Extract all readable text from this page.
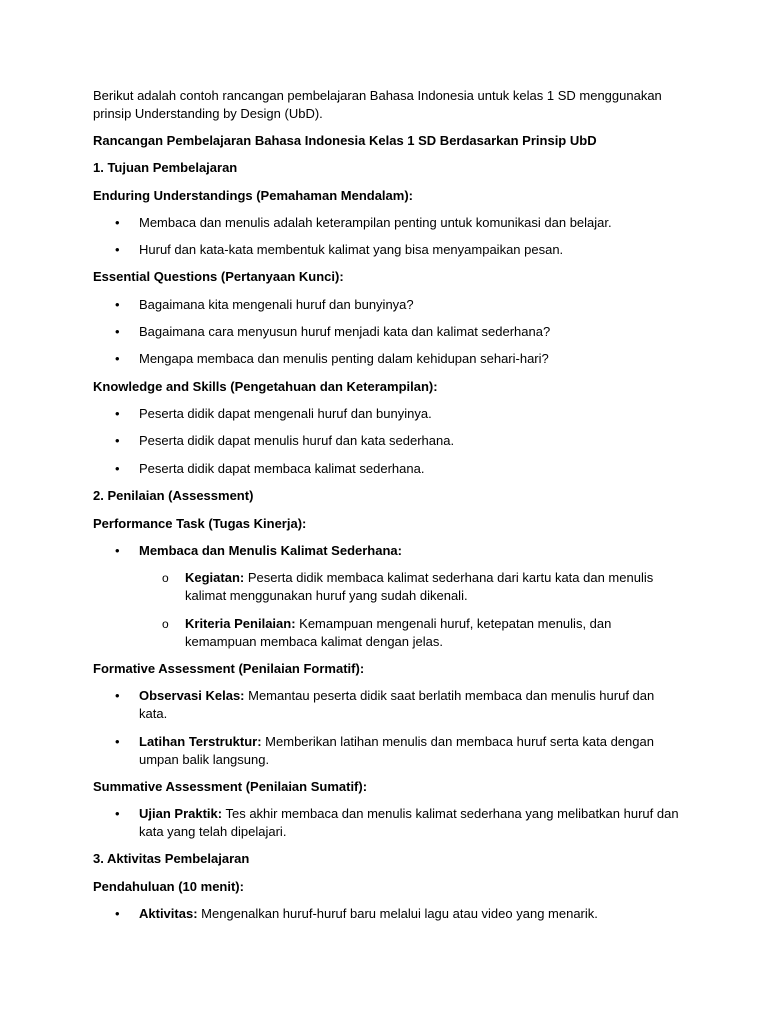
Berikut adalah contoh rancangan pembelajaran Bahasa Indonesia untuk kelas 1 SD menggunakan

prinsip Understanding by Design (UbD).

Rancangan Pembelajaran Bahasa Indonesia Kelas 1 SD Berdasarkan Prinsip UbD

1. Tujuan Pembelajaran

Enduring Understandings (Pemahaman Mendalam):

• Membaca dan menulis adalah keterampilan penting untuk komunikasi dan belajar.
• Huruf dan kata-kata membentuk kalimat yang bisa menyampaikan pesan.

Essential Questions (Pertanyaan Kunci):

• Bagaimana kita mengenali huruf dan bunyinya?
• Bagaimana cara menyusun huruf menjadi kata dan kalimat sederhana?
• Mengapa membaca dan menulis penting dalam kehidupan sehari-hari?

Knowledge and Skills (Pengetahuan dan Keterampilan):

• Peserta didik dapat mengenali huruf dan bunyinya.
• Peserta didik dapat menulis huruf dan kata sederhana.
• Peserta didik dapat membaca kalimat sederhana.

2. Penilaian (Assessment)

Performance Task (Tugas Kinerja):

• Membaca dan Menulis Kalimat Sederhana:
o Kegiatan: Peserta didik membaca kalimat sederhana dari kartu kata dan menulis
kalimat menggunakan huruf yang sudah dikenali.
o Kriteria Penilaian: Kemampuan mengenali huruf, ketepatan menulis, dan
kemampuan membaca kalimat dengan jelas.

Formative Assessment (Penilaian Formatif):

• Observasi Kelas: Memantau peserta didik saat berlatih membaca dan menulis huruf dan
kata.
• Latihan Terstruktur: Memberikan latihan menulis dan membaca huruf serta kata dengan
umpan balik langsung.

Summative Assessment (Penilaian Sumatif):

• Ujian Praktik: Tes akhir membaca dan menulis kalimat sederhana yang melibatkan huruf dan
kata yang telah dipelajari.

3. Aktivitas Pembelajaran

Pendahuluan (10 menit):

• Aktivitas: Mengenalkan huruf-huruf baru melalui lagu atau video yang menarik.
